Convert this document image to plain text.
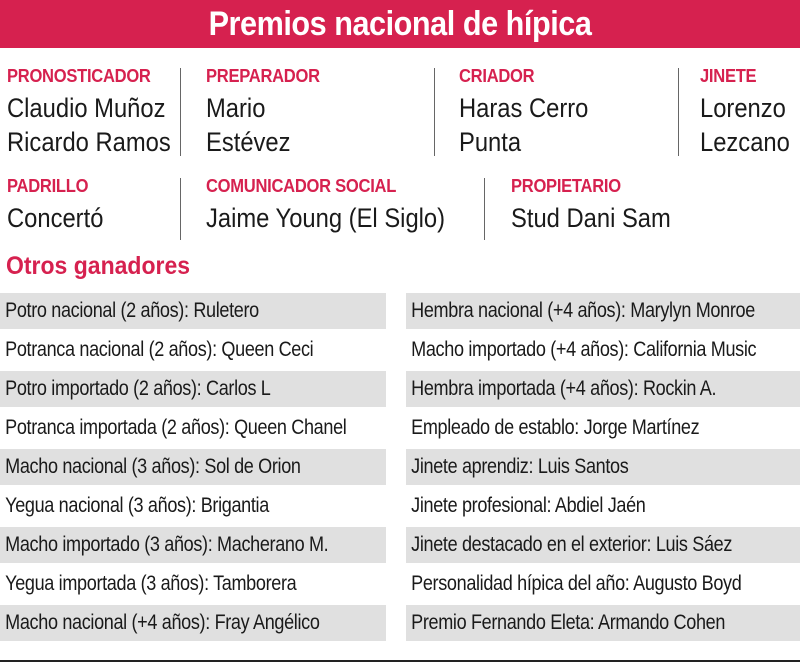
Premios nacional de hípica
PRONOSTICADOR
Claudio Muñoz
Ricardo Ramos
PREPARADOR
Mario
Estévez
CRIADOR
Haras Cerro
Punta
JINETE
Lorenzo
Lezcano
PADRILLO
Concertó
COMUNICADOR SOCIAL
Jaime Young (El Siglo)
PROPIETARIO
Stud Dani Sam
Otros ganadores
Potro nacional (2 años): Ruletero
Potranca nacional (2 años): Queen Ceci
Potro importado (2 años): Carlos L
Potranca importada (2 años): Queen Chanel
Macho nacional (3 años): Sol de Orion
Yegua nacional (3 años): Brigantia
Macho importado (3 años): Macherano M.
Yegua importada (3 años): Tamborera
Macho nacional (+4 años): Fray Angélico
Hembra nacional (+4 años): Marylyn Monroe
Macho importado (+4 años): California Music
Hembra importada (+4 años): Rockin A.
Empleado de establo: Jorge Martínez
Jinete aprendiz: Luis Santos
Jinete profesional: Abdiel Jaén
Jinete destacado en el exterior: Luis Sáez
Personalidad hípica del año: Augusto Boyd
Premio Fernando Eleta: Armando Cohen
